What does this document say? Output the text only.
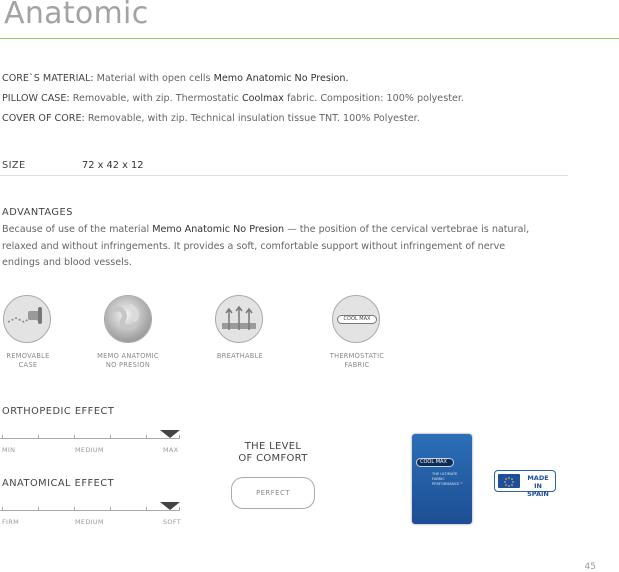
Anatomic
CORE`S MATERIAL: Material with open cells Memo Anatomic No Presion.
PILLOW CASE: Removable, with zip. Thermostatic Coolmax fabric. Composition: 100% polyester.
COVER OF CORE: Removable, with zip. Technical insulation tissue TNT. 100% Polyester.
SIZE	72 x 42 x 12
ADVANTAGES
Because of use of the material Memo Anatomic No Presion — the position of the cervical vertebrae is natural,
relaxed and without infringements. It provides a soft, comfortable support without infringement of nerve
endings and blood vessels.
REMOVABLE
CASE
MEMO ANATOMIC
NO PRESION
BREATHABLE
COOL MAX
THERMOSTATIC
FABRIC
ORTHOPEDIC EFFECT
MIN	MEDIUM	MAX
ANATOMICAL EFFECT
FIRM	MEDIUM	SOFT
THE LEVEL
OF COMFORT
PERFECT
COOL MAX
THE ULTIMATE
FABRIC
PERFORMANCE™
MADE IN
SPAIN
45
